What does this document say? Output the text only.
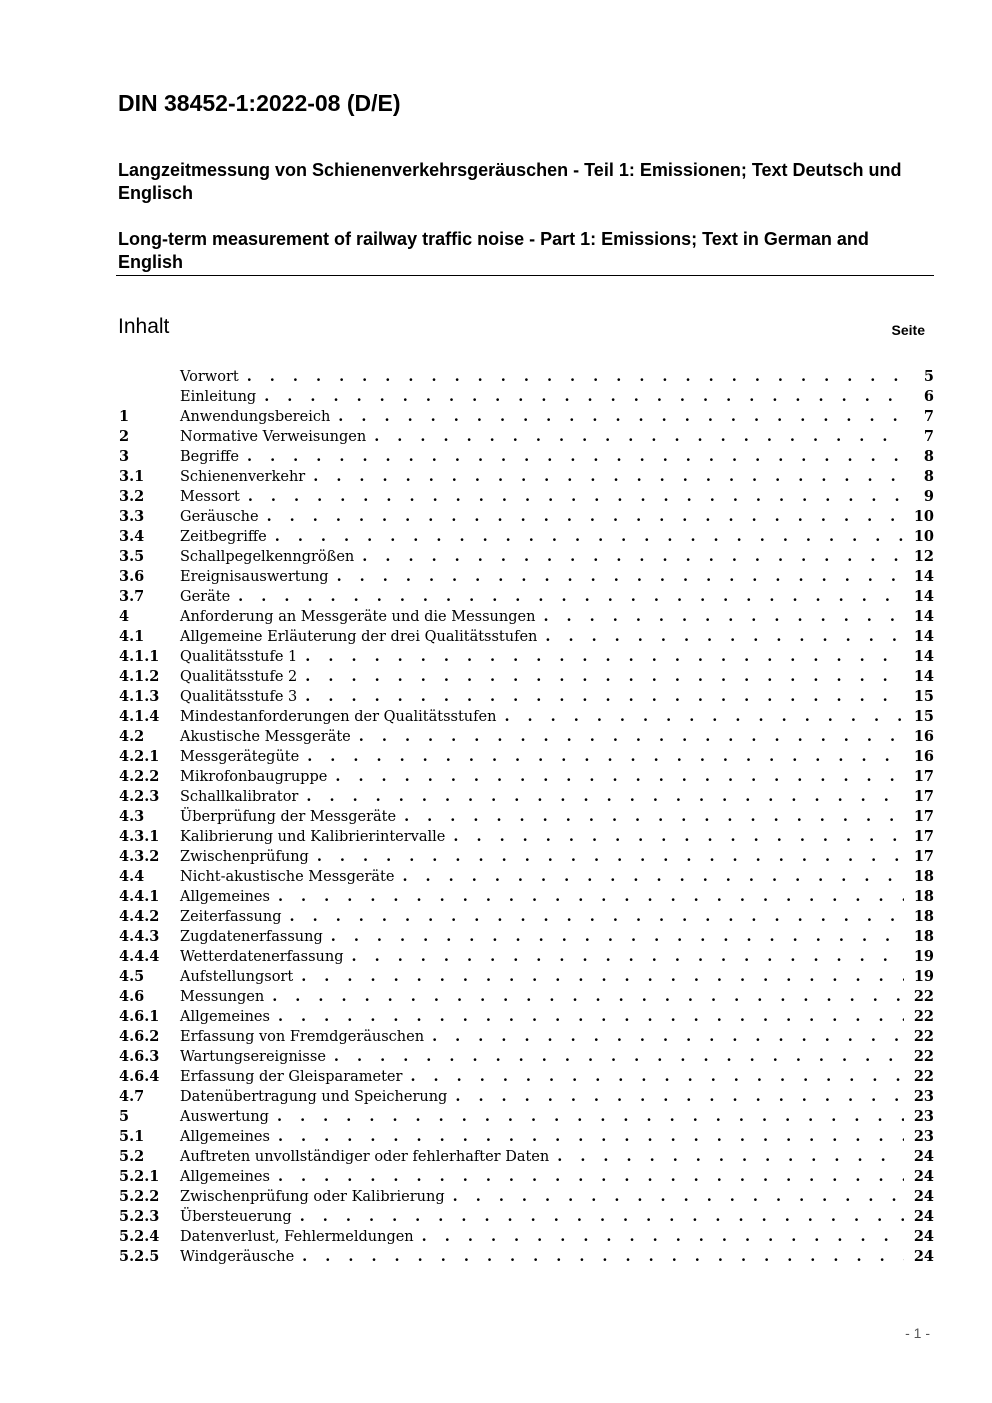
DIN 38452-1:2022-08 (D/E)
Langzeitmessung von Schienenverkehrsgeräuschen - Teil 1: Emissionen; Text Deutsch und Englisch
Long-term measurement of railway traffic noise - Part 1: Emissions; Text in German and English
Inhalt	Seite
Vorwort . . .	5
Einleitung . . .	6
1	Anwendungsbereich . . .	7
2	Normative Verweisungen . . .	7
3	Begriffe . . .	8
3.1	Schienenverkehr . . .	8
3.2	Messort . . .	9
3.3	Geräusche . . .	10
3.4	Zeitbegriffe . . .	10
3.5	Schallpegelkenngrößen . . .	12
3.6	Ereignisauswertung . . .	14
3.7	Geräte . . .	14
4	Anforderung an Messgeräte und die Messungen . . .	14
4.1	Allgemeine Erläuterung der drei Qualitätsstufen . . .	14
4.1.1	Qualitätsstufe 1 . . .	14
4.1.2	Qualitätsstufe 2 . . .	14
4.1.3	Qualitätsstufe 3 . . .	15
4.1.4	Mindestanforderungen der Qualitätsstufen . . .	15
4.2	Akustische Messgeräte . . .	16
4.2.1	Messgerätegüte . . .	16
4.2.2	Mikrofonbaugruppe . . .	17
4.2.3	Schallkalibrator . . .	17
4.3	Überprüfung der Messgeräte . . .	17
4.3.1	Kalibrierung und Kalibrierintervalle . . .	17
4.3.2	Zwischenprüfung . . .	17
4.4	Nicht-akustische Messgeräte . . .	18
4.4.1	Allgemeines . . .	18
4.4.2	Zeiterfassung . . .	18
4.4.3	Zugdatenerfassung . . .	18
4.4.4	Wetterdatenerfassung . . .	19
4.5	Aufstellungsort . . .	19
4.6	Messungen . . .	22
4.6.1	Allgemeines . . .	22
4.6.2	Erfassung von Fremdgeräuschen . . .	22
4.6.3	Wartungsereignisse . . .	22
4.6.4	Erfassung der Gleisparameter . . .	22
4.7	Datenübertragung und Speicherung . . .	23
5	Auswertung . . .	23
5.1	Allgemeines . . .	23
5.2	Auftreten unvollständiger oder fehlerhafter Daten . . .	24
5.2.1	Allgemeines . . .	24
5.2.2	Zwischenprüfung oder Kalibrierung . . .	24
5.2.3	Übersteuerung . . .	24
5.2.4	Datenverlust, Fehlermeldungen . . .	24
5.2.5	Windgeräusche . . .	24
- 1 -
